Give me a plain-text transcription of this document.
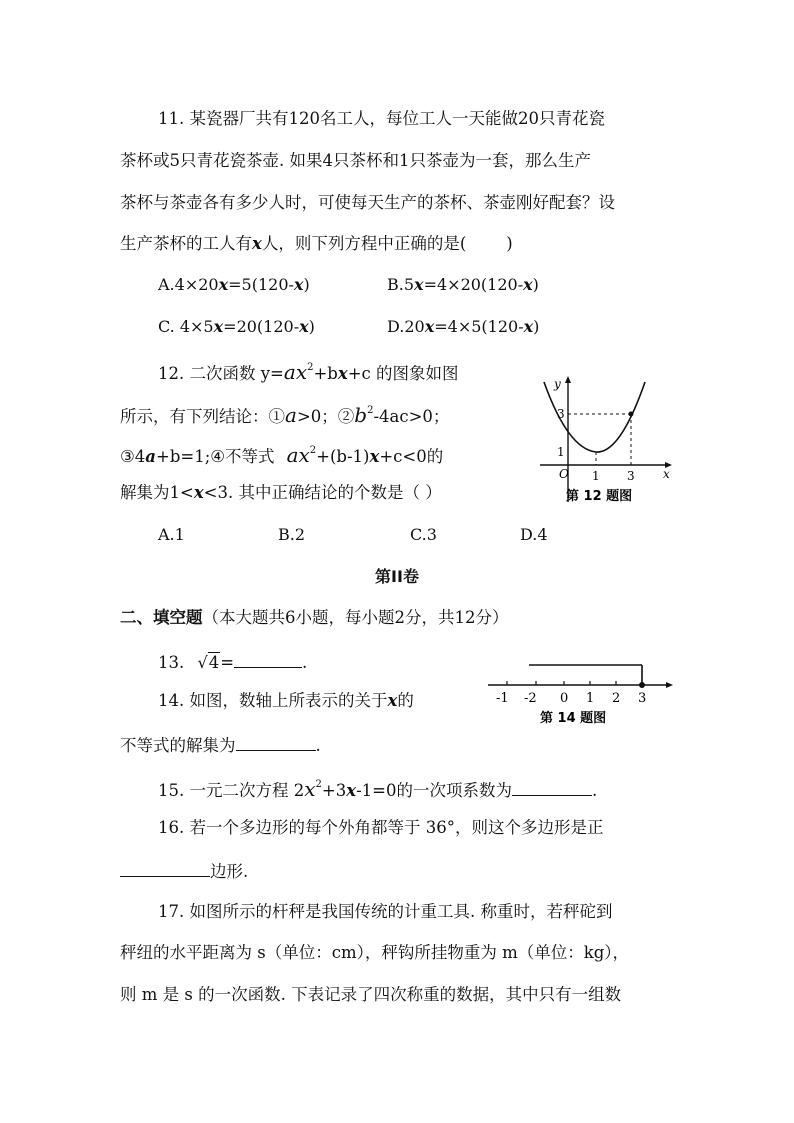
11. 某瓷器厂共有120名工人，每位工人一天能做20只青花瓷
茶杯或5只青花瓷茶壶. 如果4只茶杯和1只茶壶为一套，那么生产
茶杯与茶壶各有多少人时，可使每天生产的茶杯、茶壶刚好配套？设
生产茶杯的工人有x人，则下列方程中正确的是( )
A.4×20x=5(120-x)	B.5x=4×20(120-x)
C. 4×5x=20(120-x)	D.20x=4×5(120-x)
12. 二次函数 $y=ax^2+bx+c$ 的图象如图
所示，有下列结论：①a>0；$②b^2-4ac>0$；
③4a+b=1;④不等式 $ax^2+(b-1)x+c<0$的
解集为1<x<3. 其中正确结论的个数是（ ）
A.1	B.2	C.3	D.4
y
x
O
1
3
1 3
第 12 题图
第II卷
二、填空题（本大题共6小题，每小题2分，共12分）
13. √4=	.
14. 如图，数轴上所表示的关于x的
不等式的解集为	.
-1 -2 0 1 2 3
第 14 题图
15. 一元二次方程 $2x^2+3x-1=0$的一次项系数为	.
16. 若一个多边形的每个外角都等于 36°，则这个多边形是正
边形.
17. 如图所示的杆秤是我国传统的计重工具. 称重时，若秤砣到
秤纽的水平距离为 s（单位：cm），秤钩所挂物重为 m（单位：kg），
则 m 是 s 的一次函数. 下表记录了四次称重的数据，其中只有一组数
